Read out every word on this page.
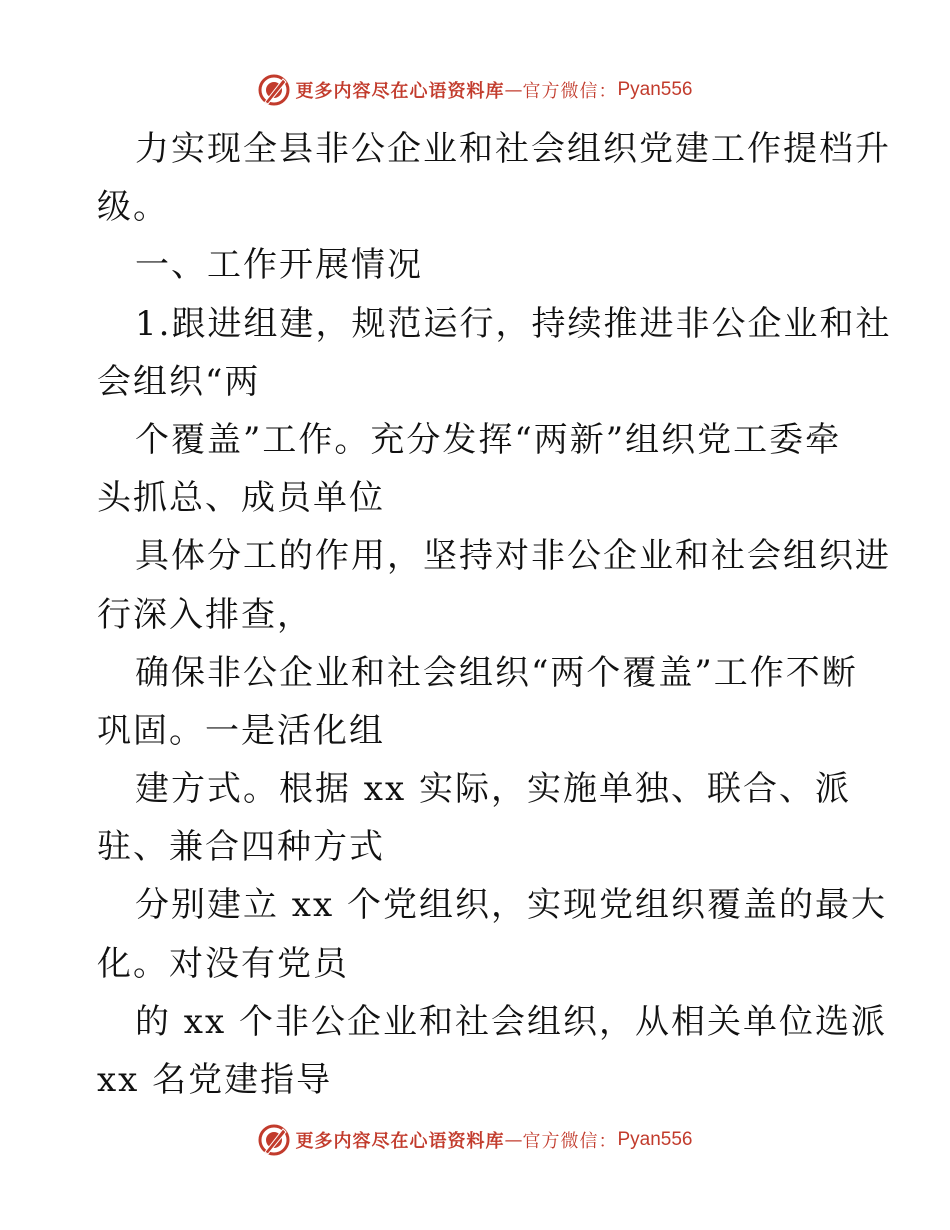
更多内容尽在心语资料库 — 官方微信： Pyan556
力实现全县非公企业和社会组织党建工作提档升
级。
一、工作开展情况
1.跟进组建，规范运行，持续推进非公企业和社
会组织“两
个覆盖”工作。充分发挥“两新”组织党工委牵
头抓总、成员单位
具体分工的作用，坚持对非公企业和社会组织进
行深入排查，
确保非公企业和社会组织“两个覆盖”工作不断
巩固。一是活化组
建方式。根据 xx 实际，实施单独、联合、派
驻、兼合四种方式
分别建立 xx 个党组织，实现党组织覆盖的最大
化。对没有党员
的 xx 个非公企业和社会组织，从相关单位选派
xx 名党建指导
更多内容尽在心语资料库 — 官方微信： Pyan556
